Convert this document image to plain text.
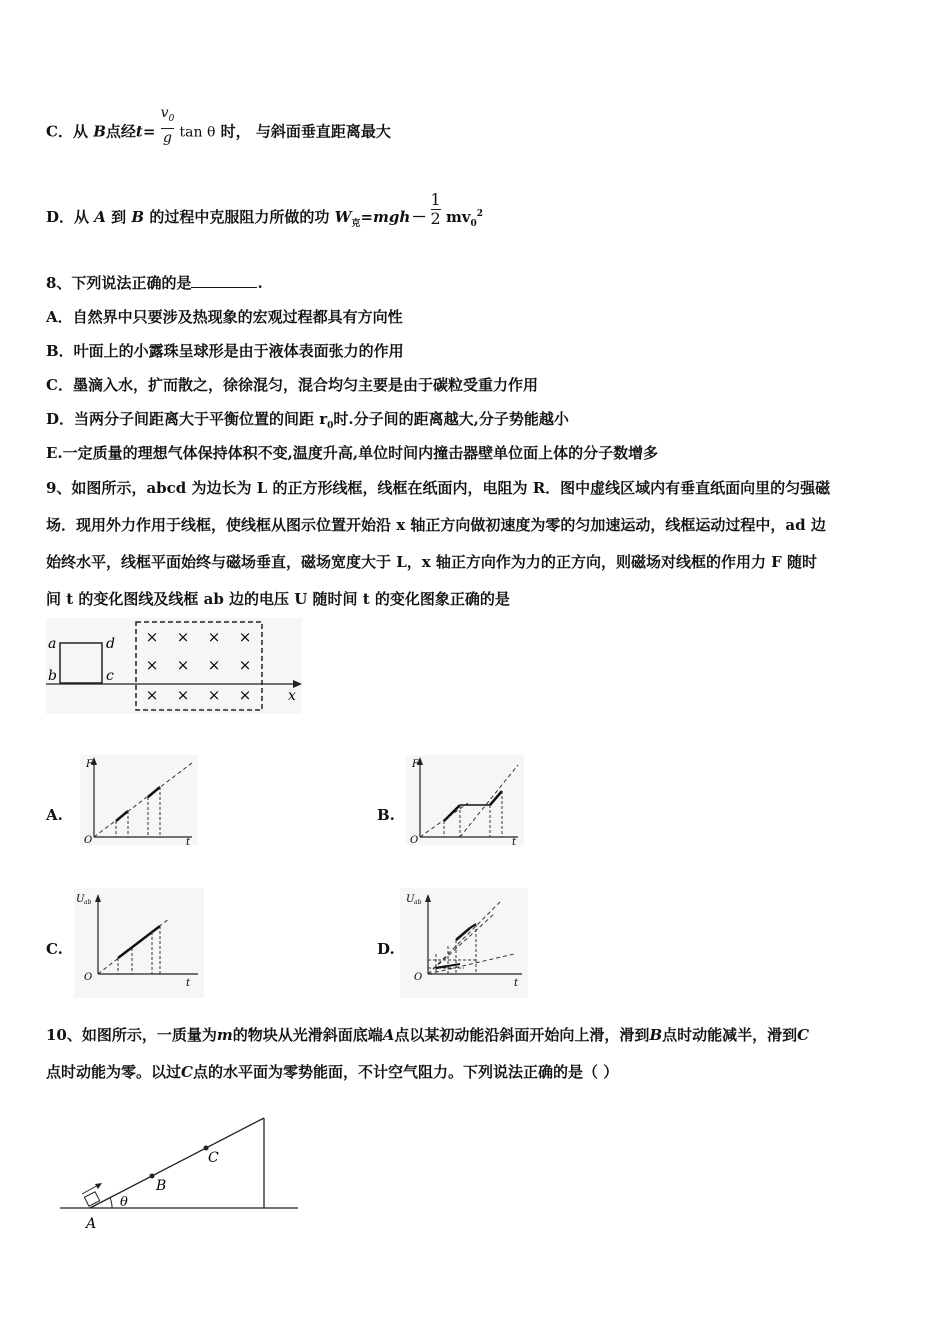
C．从 B点经$t= \frac{v_0}{g}$ tan θ 时， 与斜面垂直距离最大
D．从 A 到 B 的过程中克服阻力所做的功 $W_克=mgh- \frac{1}{2} mv_0^2$
8、下列说法正确的是	.
A．自然界中只要涉及热现象的宏观过程都具有方向性
B．叶面上的小露珠呈球形是由于液体表面张力的作用
C．墨滴入水，扩而散之，徐徐混匀，混合均匀主要是由于碳粒受重力作用
D．当两分子间距离大于平衡位置的间距 $r_0$时.分子间的距离越大,分子势能越小
E.一定质量的理想气体保持体积不变,温度升高,单位时间内撞击器壁单位面上体的分子数增多
9、如图所示，abcd 为边长为 L 的正方形线框，线框在纸面内，电阻为 R．图中虚线区域内有垂直纸面向里的匀强磁
场．现用外力作用于线框，使线框从图示位置开始沿 x 轴正方向做初速度为零的匀加速运动，线框运动过程中，ad 边
始终水平，线框平面始终与磁场垂直，磁场宽度大于 L，x 轴正方向作为力的正方向，则磁场对线框的作用力 F 随时
间 t 的变化图线及线框 ab 边的电压 U 随时间 t 的变化图象正确的是
a
b
d
c
x
× × × ×
× × × ×
× × × ×
A.
F
O	t
B.
F
O	t
C.
U ab
O
t
D.
U ab
O
t
10、如图所示，一质量为m的物块从光滑斜面底端A点以某初动能沿斜面开始向上滑，滑到B点时动能减半，滑到C
点时动能为零。以过C点的水平面为零势能面，不计空气阻力。下列说法正确的是（ ）
A
B
C
θ
